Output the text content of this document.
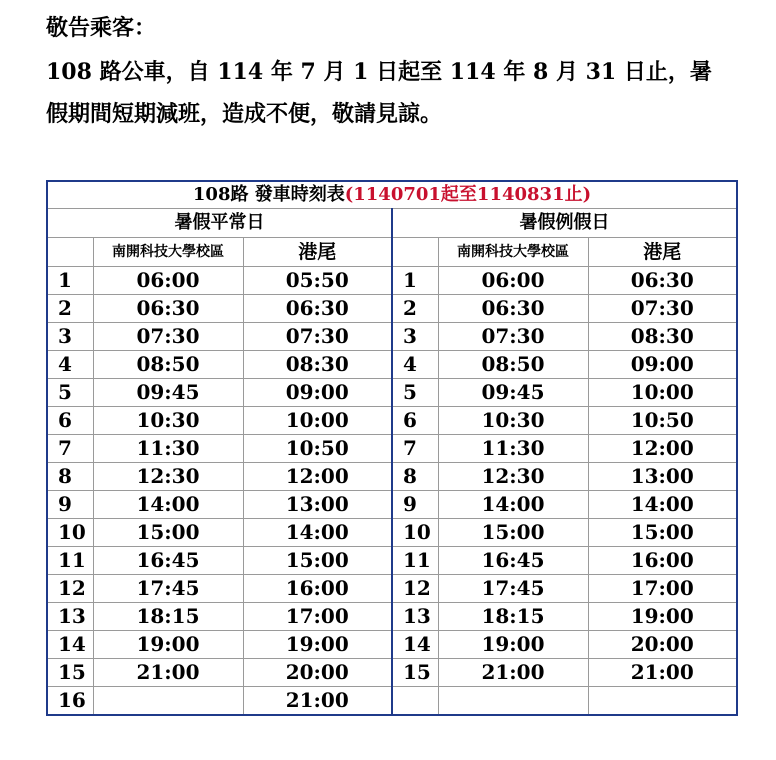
敬告乘客：
108 路公車，自 114 年 7 月 1 日起至 114 年 8 月 31 日止，暑
假期間短期減班，造成不便，敬請見諒。
108路 發車時刻表(1140701起至1140831止)					
暑假平常日			暑假例假日		
	南開科技大學校區	港尾		南開科技大學校區	港尾
1	06:00	05:50	1	06:00	06:30
2	06:30	06:30	2	06:30	07:30
3	07:30	07:30	3	07:30	08:30
4	08:50	08:30	4	08:50	09:00
5	09:45	09:00	5	09:45	10:00
6	10:30	10:00	6	10:30	10:50
7	11:30	10:50	7	11:30	12:00
8	12:30	12:00	8	12:30	13:00
9	14:00	13:00	9	14:00	14:00
10	15:00	14:00	10	15:00	15:00
11	16:45	15:00	11	16:45	16:00
12	17:45	16:00	12	17:45	17:00
13	18:15	17:00	13	18:15	19:00
14	19:00	19:00	14	19:00	20:00
15	21:00	20:00	15	21:00	21:00
16		21:00			
